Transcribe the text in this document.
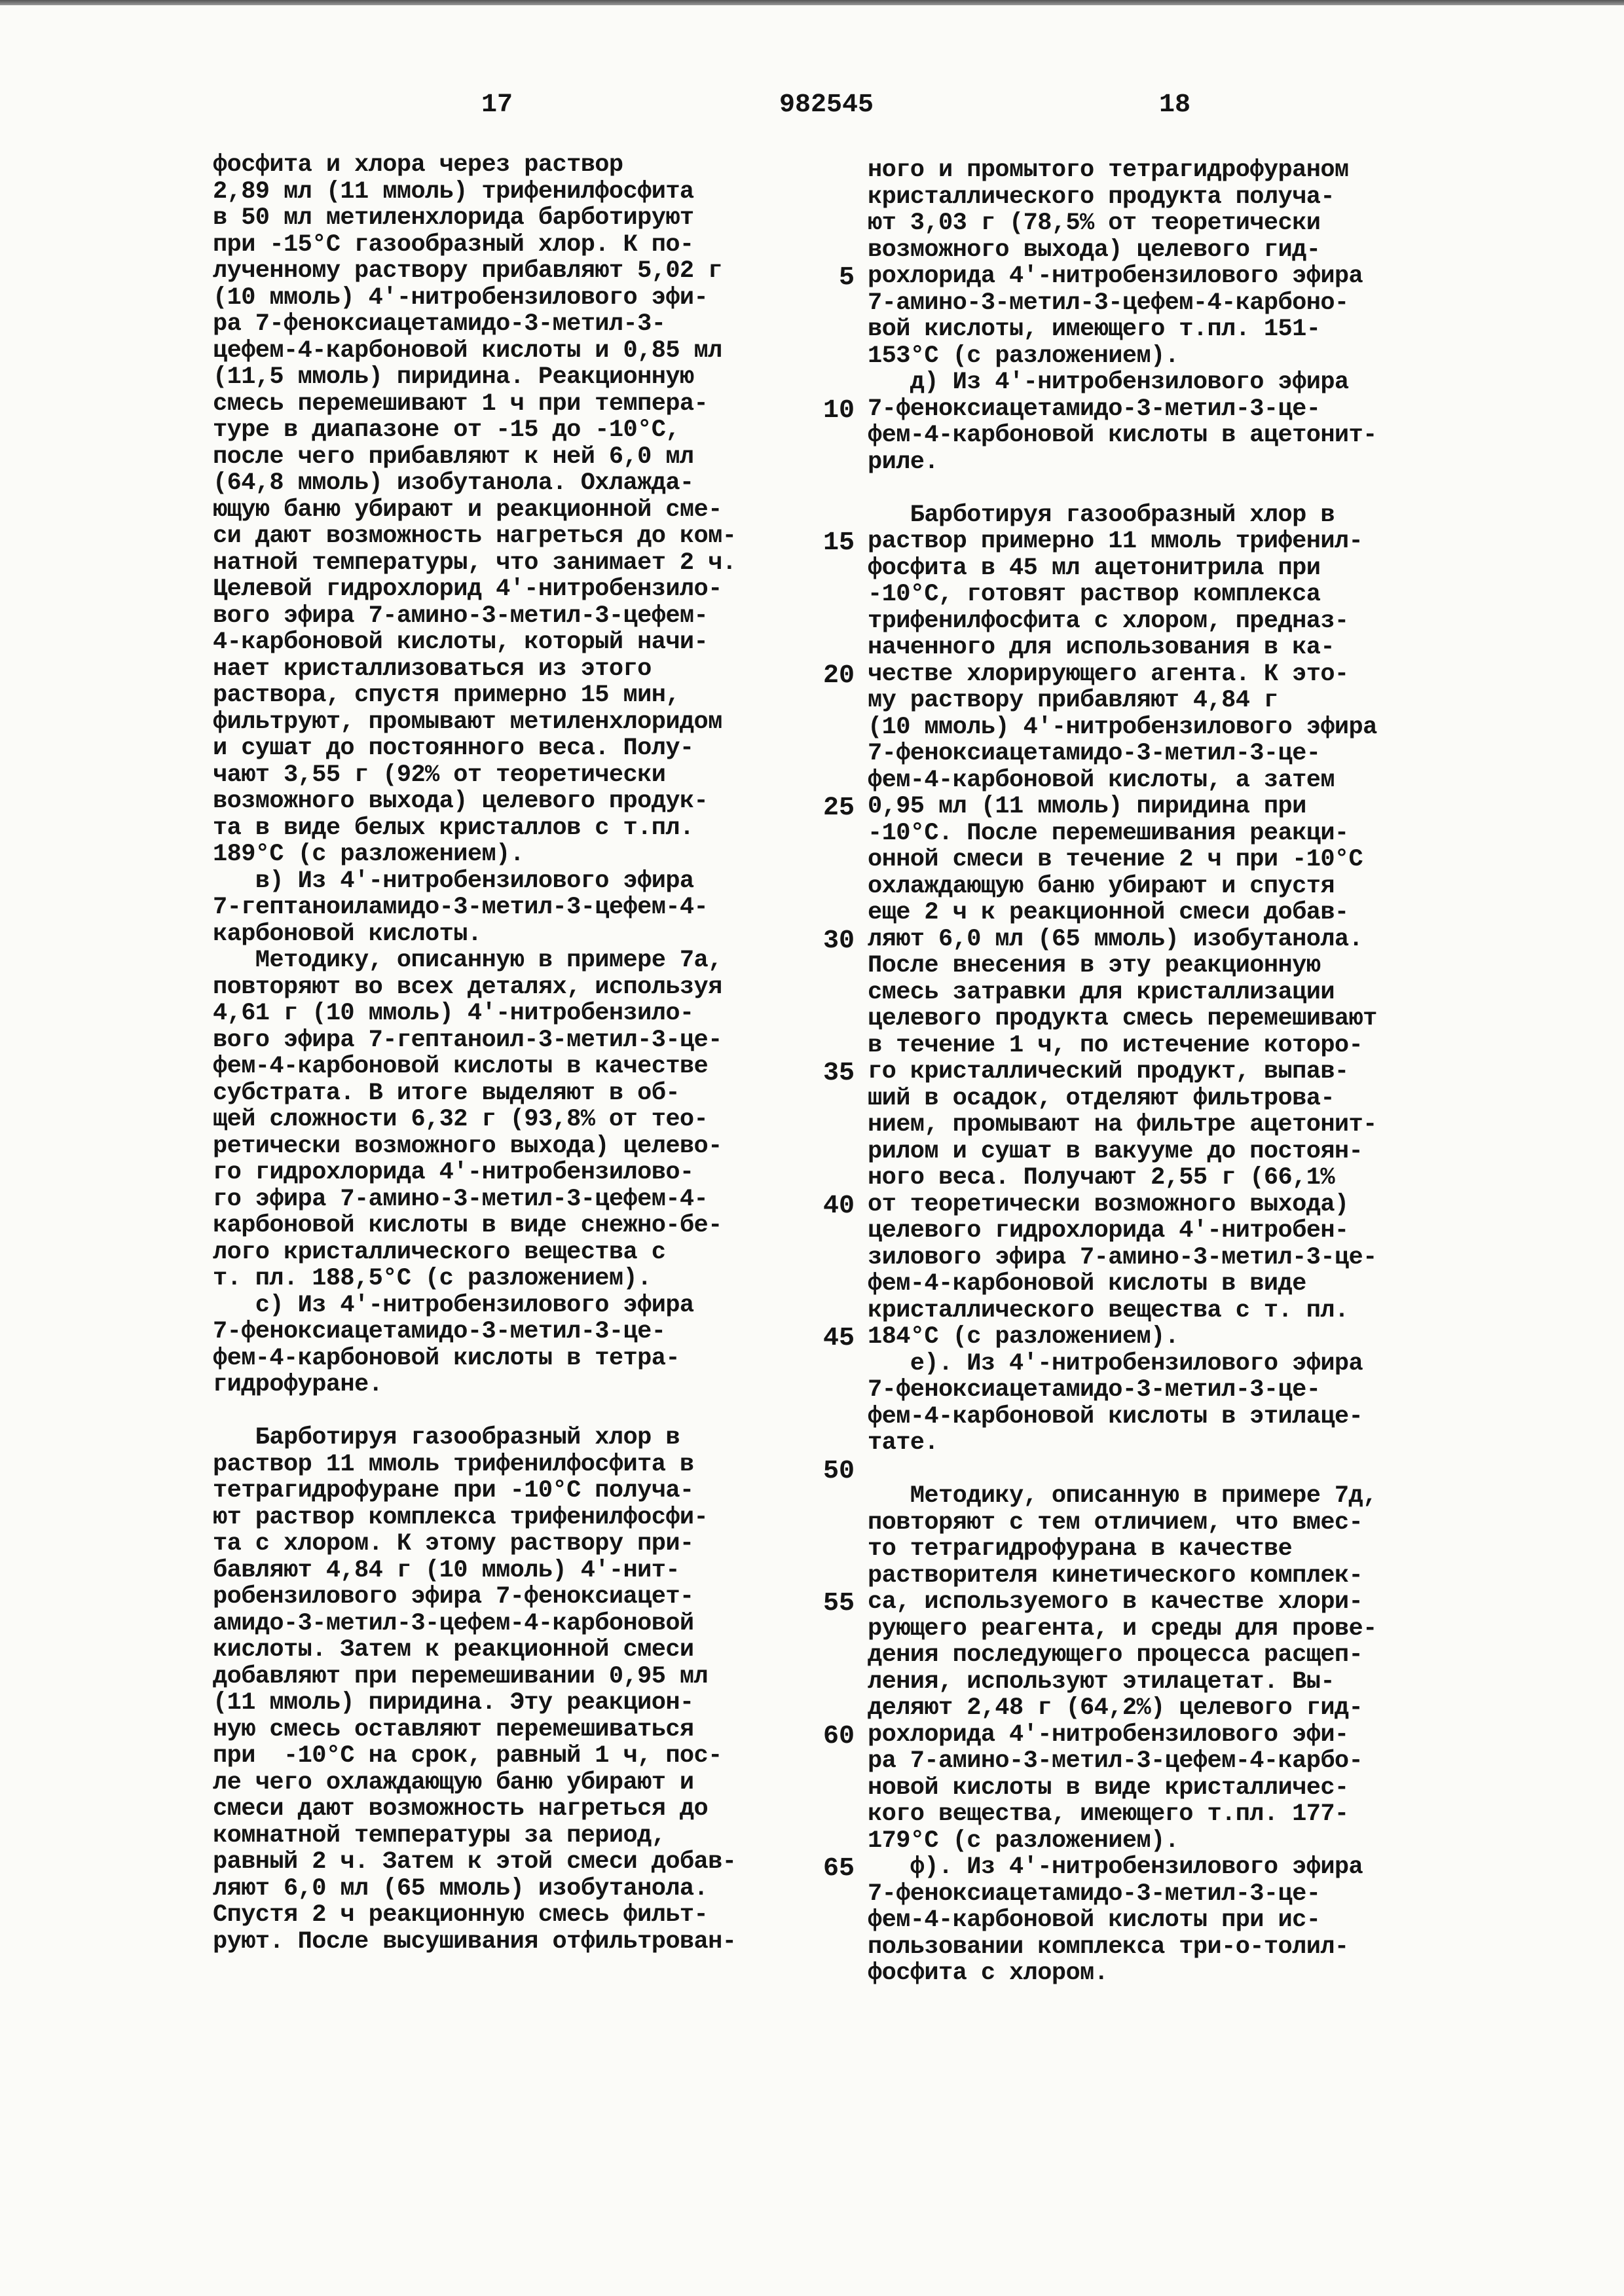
17	982545	18
фосфита и хлора через раствор
2,89 мл (11 ммоль) трифенилфосфита
в 50 мл метиленхлорида барботируют
при -15°С газообразный хлор. К по-
лученному раствору прибавляют 5,02 г
(10 ммоль) 4'-нитробензилового эфи-
ра 7-феноксиацетамидо-3-метил-3-
цефем-4-карбоновой кислоты и 0,85 мл
(11,5 ммоль) пиридина. Реакционную
смесь перемешивают 1 ч при темпера-
туре в диапазоне от -15 до -10°С,
после чего прибавляют к ней 6,0 мл
(64,8 ммоль) изобутанола. Охлажда-
ющую баню убирают и реакционной сме-
си дают возможность нагреться до ком-
натной температуры, что занимает 2 ч.
Целевой гидрохлорид 4'-нитробензило-
вого эфира 7-амино-3-метил-3-цефем-
4-карбоновой кислоты, который начи-
нает кристаллизоваться из этого
раствора, спустя примерно 15 мин,
фильтруют, промывают метиленхлоридом
и сушат до постоянного веса. Полу-
чают 3,55 г (92% от теоретически
возможного выхода) целевого продук-
та в виде белых кристаллов с т.пл.
189°С (с разложением).
в) Из 4'-нитробензилового эфира
7-гептаноиламидо-3-метил-3-цефем-4-
карбоновой кислоты.
Методику, описанную в примере 7а,
повторяют во всех деталях, используя
4,61 г (10 ммоль) 4'-нитробензило-
вого эфира 7-гептаноил-3-метил-3-це-
фем-4-карбоновой кислоты в качестве
субстрата. В итоге выделяют в об-
щей сложности 6,32 г (93,8% от тео-
ретически возможного выхода) целево-
го гидрохлорида 4'-нитробензилово-
го эфира 7-амино-3-метил-3-цефем-4-
карбоновой кислоты в виде снежно-бе-
лого кристаллического вещества с
т. пл. 188,5°С (с разложением).
с) Из 4'-нитробензилового эфира
7-феноксиацетамидо-3-метил-3-це-
фем-4-карбоновой кислоты в тетра-
гидрофуране.
Барботируя газообразный хлор в
раствор 11 ммоль трифенилфосфита в
тетрагидрофуране при -10°С получа-
ют раствор комплекса трифенилфосфи-
та с хлором. К этому раствору при-
бавляют 4,84 г (10 ммоль) 4'-нит-
робензилового эфира 7-феноксиацет-
амидо-3-метил-3-цефем-4-карбоновой
кислоты. Затем к реакционной смеси
добавляют при перемешивании 0,95 мл
(11 ммоль) пиридина. Эту реакцион-
ную смесь оставляют перемешиваться
при  -10°С на срок, равный 1 ч, пос-
ле чего охлаждающую баню убирают и
смеси дают возможность нагреться до
комнатной температуры за период,
равный 2 ч. Затем к этой смеси добав-
ляют 6,0 мл (65 ммоль) изобутанола.
Спустя 2 ч реакционную смесь фильт-
руют. После высушивания отфильтрован-
5
10
15
20
25
30
35
40
45
50
55
60
65
ного и промытого тетрагидрофураном
кристаллического продукта получа-
ют 3,03 г (78,5% от теоретически
возможного выхода) целевого гид-
рохлорида 4'-нитробензилового эфира
7-амино-3-метил-3-цефем-4-карбоно-
вой кислоты, имеющего т.пл. 151-
153°С (с разложением).
д) Из 4'-нитробензилового эфира
7-феноксиацетамидо-3-метил-3-це-
фем-4-карбоновой кислоты в ацетонит-
риле.
Барботируя газообразный хлор в
раствор примерно 11 ммоль трифенил-
фосфита в 45 мл ацетонитрила при
-10°С, готовят раствор комплекса
трифенилфосфита с хлором, предназ-
наченного для использования в ка-
честве хлорирующего агента. К это-
му раствору прибавляют 4,84 г
(10 ммоль) 4'-нитробензилового эфира
7-феноксиацетамидо-3-метил-3-це-
фем-4-карбоновой кислоты, а затем
0,95 мл (11 ммоль) пиридина при
-10°С. После перемешивания реакци-
онной смеси в течение 2 ч при -10°С
охлаждающую баню убирают и спустя
еще 2 ч к реакционной смеси добав-
ляют 6,0 мл (65 ммоль) изобутанола.
После внесения в эту реакционную
смесь затравки для кристаллизации
целевого продукта смесь перемешивают
в течение 1 ч, по истечение которо-
го кристаллический продукт, выпав-
ший в осадок, отделяют фильтрова-
нием, промывают на фильтре ацетонит-
рилом и сушат в вакууме до постоян-
ного веса. Получают 2,55 г (66,1%
от теоретически возможного выхода)
целевого гидрохлорида 4'-нитробен-
зилового эфира 7-амино-3-метил-3-це-
фем-4-карбоновой кислоты в виде
кристаллического вещества с т. пл.
184°С (с разложением).
е). Из 4'-нитробензилового эфира
7-феноксиацетамидо-3-метил-3-це-
фем-4-карбоновой кислоты в этилаце-
тате.
Методику, описанную в примере 7д,
повторяют с тем отличием, что вмес-
то тетрагидрофурана в качестве
растворителя кинетического комплек-
са, используемого в качестве хлори-
рующего реагента, и среды для прове-
дения последующего процесса расщеп-
ления, используют этилацетат. Вы-
деляют 2,48 г (64,2%) целевого гид-
рохлорида 4'-нитробензилового эфи-
ра 7-амино-3-метил-3-цефем-4-карбо-
новой кислоты в виде кристалличес-
кого вещества, имеющего т.пл. 177-
179°С (с разложением).
ф). Из 4'-нитробензилового эфира
7-феноксиацетамидо-3-метил-3-це-
фем-4-карбоновой кислоты при ис-
пользовании комплекса три-о-толил-
фосфита с хлором.
